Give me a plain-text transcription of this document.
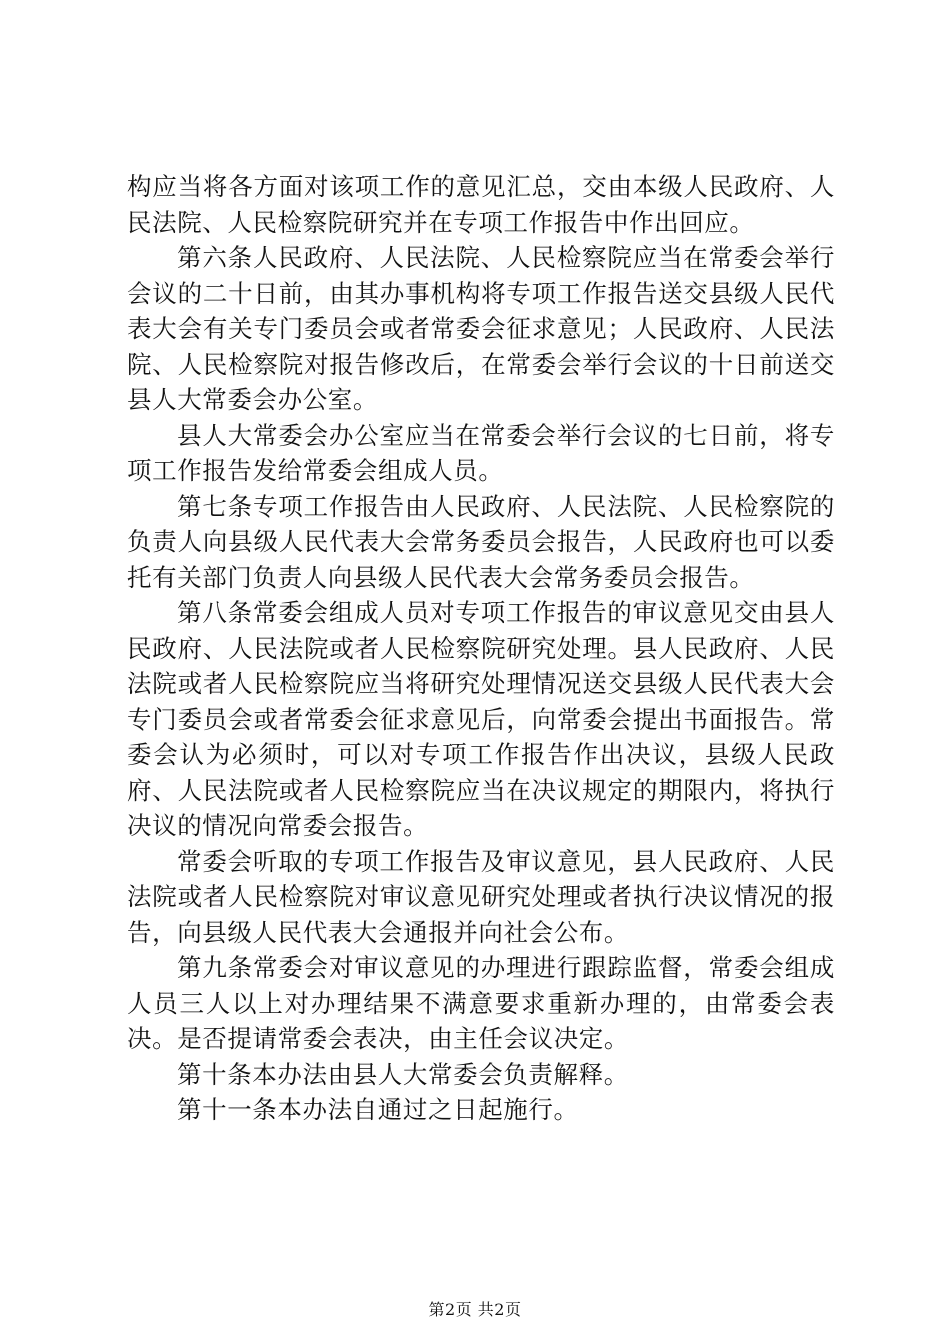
构应当将各方面对该项工作的意见汇总，交由本级人民政府、人民法院、人民检察院研究并在专项工作报告中作出回应。

第六条人民政府、人民法院、人民检察院应当在常委会举行会议的二十日前，由其办事机构将专项工作报告送交县级人民代表大会有关专门委员会或者常委会征求意见；人民政府、人民法院、人民检察院对报告修改后，在常委会举行会议的十日前送交县人大常委会办公室。

县人大常委会办公室应当在常委会举行会议的七日前，将专项工作报告发给常委会组成人员。

第七条专项工作报告由人民政府、人民法院、人民检察院的负责人向县级人民代表大会常务委员会报告，人民政府也可以委托有关部门负责人向县级人民代表大会常务委员会报告。

第八条常委会组成人员对专项工作报告的审议意见交由县人民政府、人民法院或者人民检察院研究处理。县人民政府、人民法院或者人民检察院应当将研究处理情况送交县级人民代表大会专门委员会或者常委会征求意见后，向常委会提出书面报告。常委会认为必须时，可以对专项工作报告作出决议，县级人民政府、人民法院或者人民检察院应当在决议规定的期限内，将执行决议的情况向常委会报告。

常委会听取的专项工作报告及审议意见，县人民政府、人民法院或者人民检察院对审议意见研究处理或者执行决议情况的报告，向县级人民代表大会通报并向社会公布。

第九条常委会对审议意见的办理进行跟踪监督，常委会组成人员三人以上对办理结果不满意要求重新办理的，由常委会表决。是否提请常委会表决，由主任会议决定。

第十条本办法由县人大常委会负责解释。

第十一条本办法自通过之日起施行。

第2页 共2页
